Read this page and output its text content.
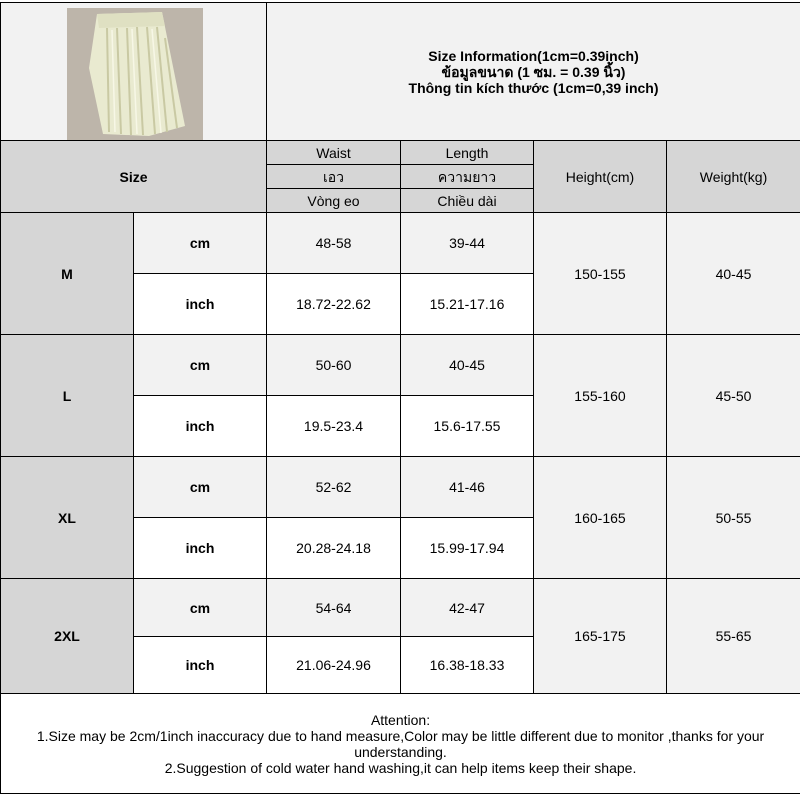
Size Information(1cm=0.39inch)
ข้อมูลขนาด (1 ซม. = 0.39 นิ้ว)
Thông tin kích thước (1cm=0,39 inch)			

Size		Waist	Length	Height(cm)	Weight(kg)
		เอว	ความยาว		
		Vòng eo	Chiều dài		
M	cm	48-58	39-44	150-155	40-45
	inch	18.72-22.62	15.21-17.16		
L	cm	50-60	40-45	155-160	45-50
	inch	19.5-23.4	15.6-17.55		
XL	cm	52-62	41-46	160-165	50-55
	inch	20.28-24.18	15.99-17.94		
2XL	cm	54-64	42-47	165-175	55-65
	inch	21.06-24.96	16.38-18.33		

Attention:
1.Size may be 2cm/1inch inaccuracy due to hand measure,Color may be little different due to monitor ,thanks for your understanding.
2.Suggestion of cold water hand washing,it can help items keep their shape.					
